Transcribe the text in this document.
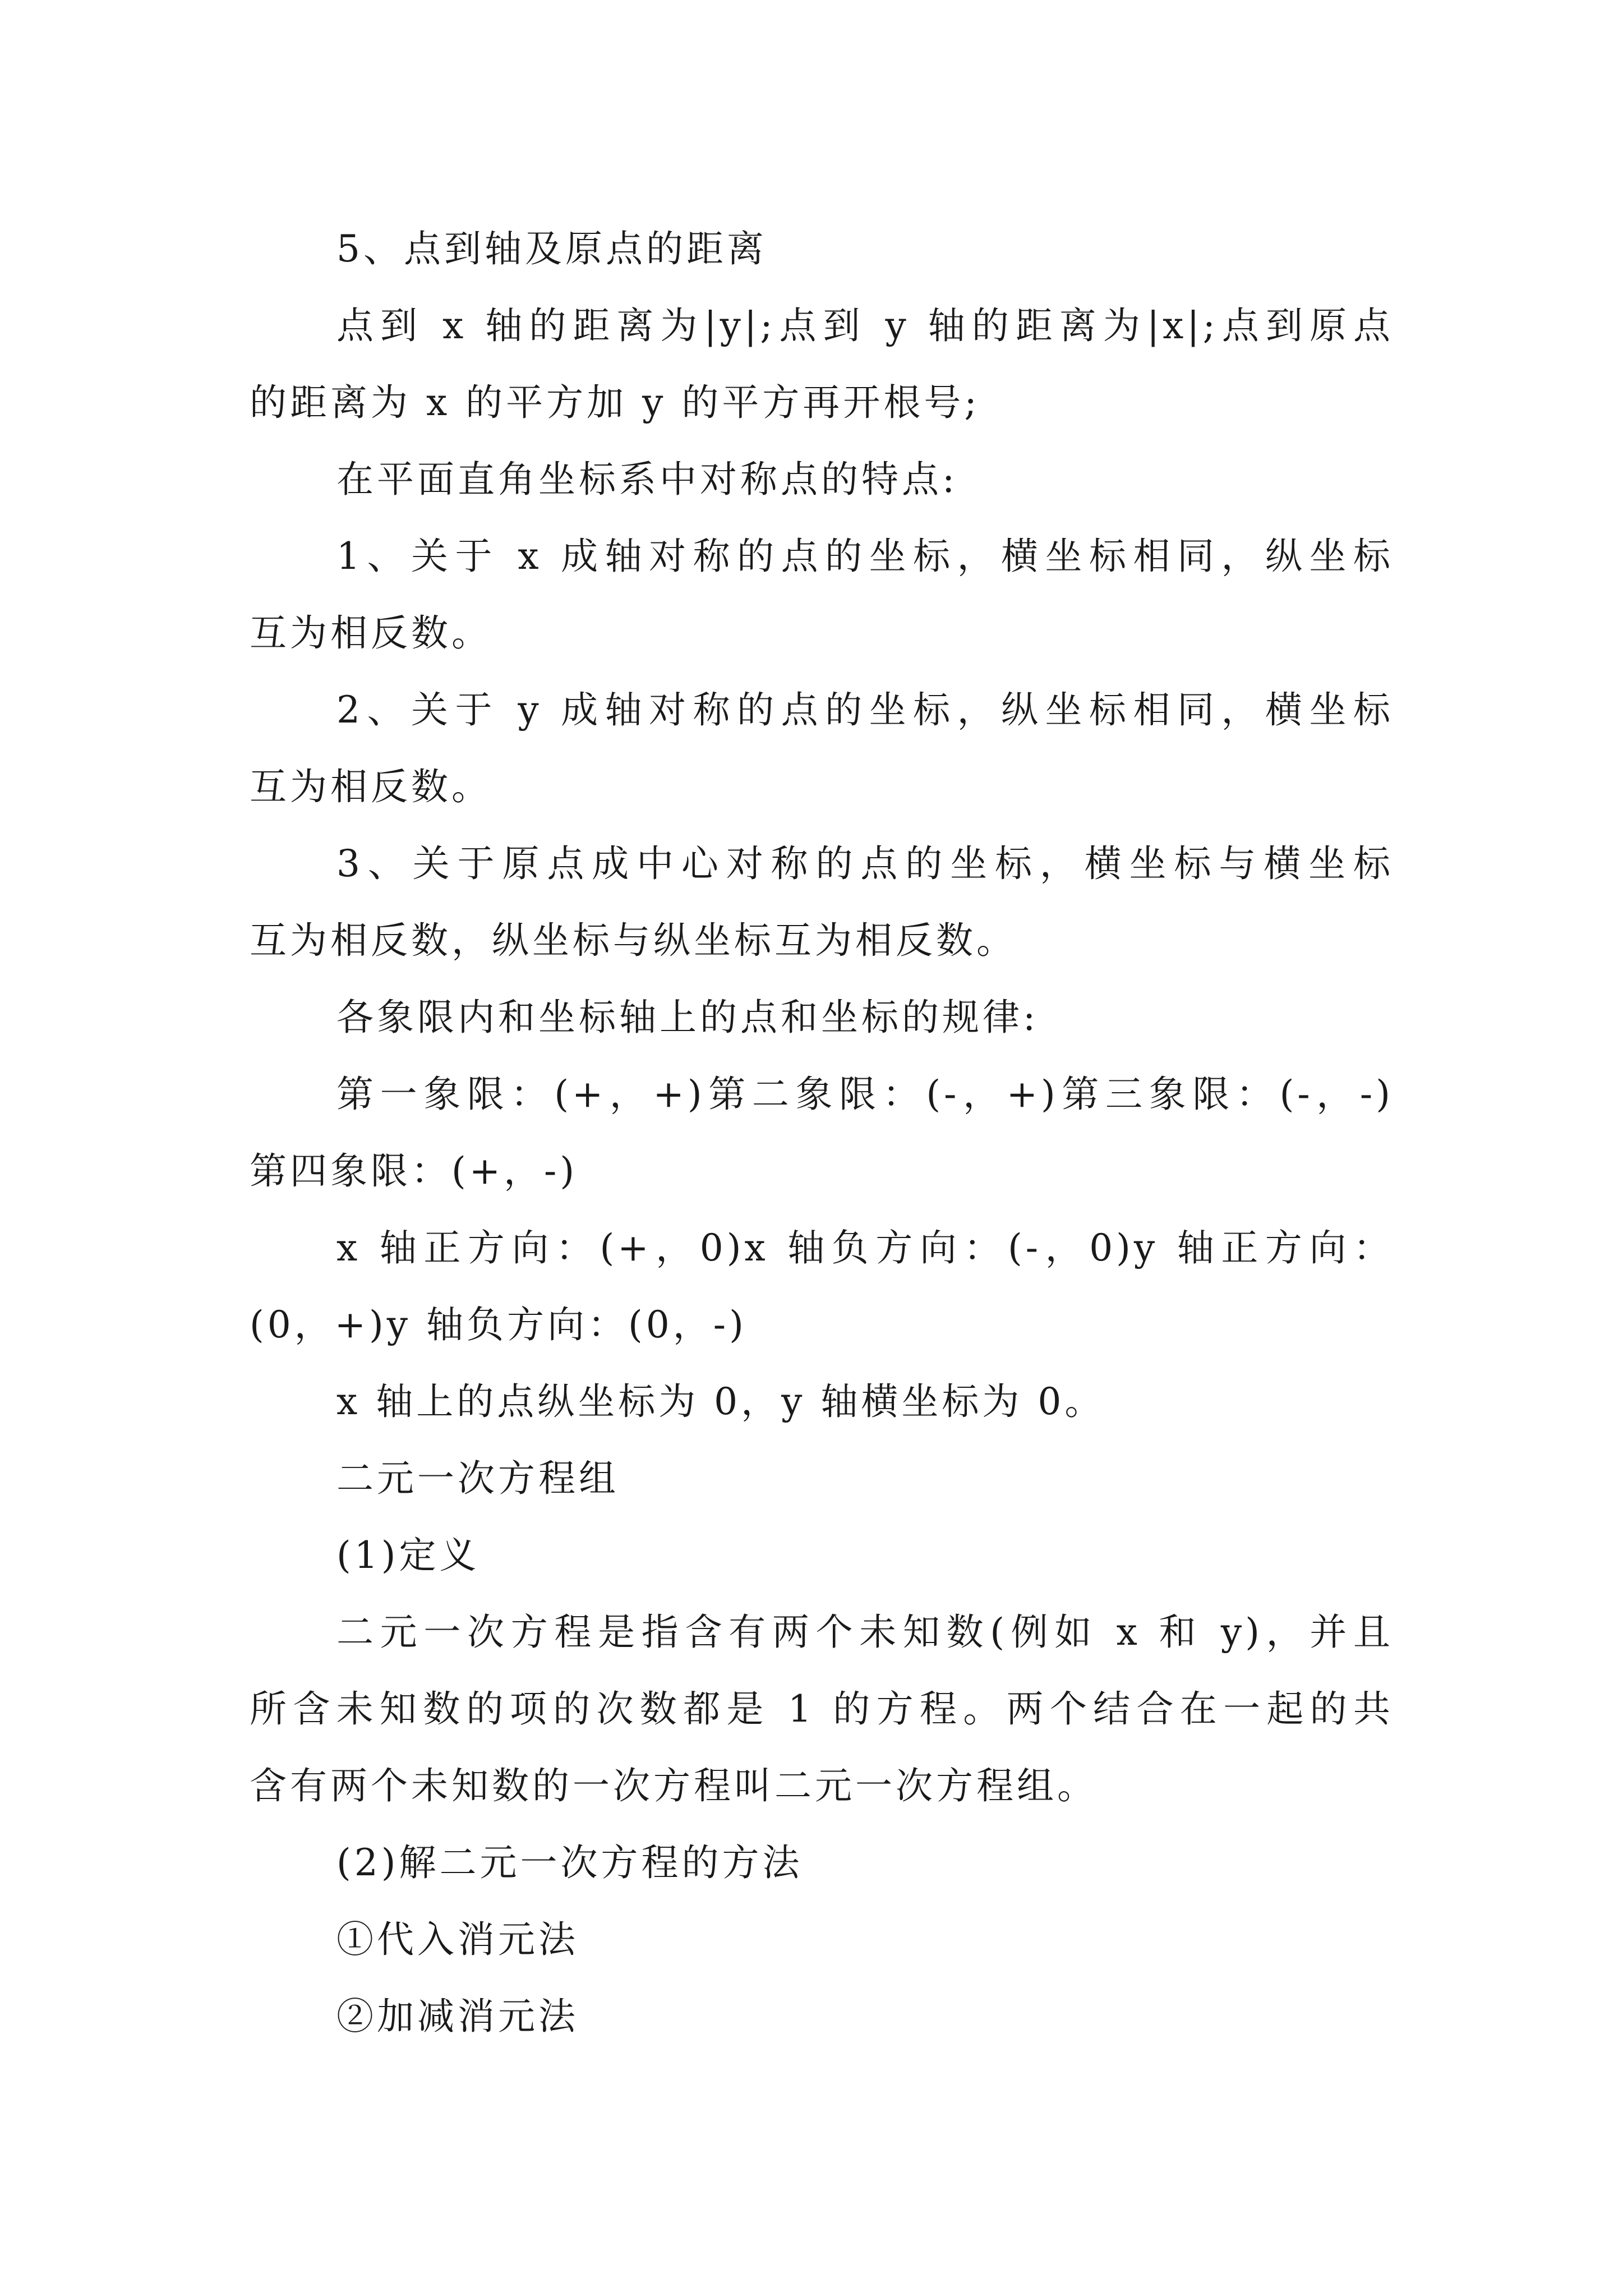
5、点到轴及原点的距离

点到 x 轴的距离为|y|;点到 y 轴的距离为|x|;点到原点

的距离为 x 的平方加 y 的平方再开根号;

在平面直角坐标系中对称点的特点:

1、关于 x 成轴对称的点的坐标，横坐标相同，纵坐标

互为相反数。

2、关于 y 成轴对称的点的坐标，纵坐标相同，横坐标

互为相反数。

3、关于原点成中心对称的点的坐标，横坐标与横坐标

互为相反数，纵坐标与纵坐标互为相反数。

各象限内和坐标轴上的点和坐标的规律:

第一象限：(+，+)第二象限：(-，+)第三象限：(-，-)

第四象限：(+，-)

x 轴正方向：(+，0)x 轴负方向：(-，0)y 轴正方向：

(0，+)y 轴负方向：(0，-)

x 轴上的点纵坐标为 0，y 轴横坐标为 0。

二元一次方程组

(1)定义

二元一次方程是指含有两个未知数(例如 x 和 y)，并且

所含未知数的项的次数都是 1 的方程。两个结合在一起的共

含有两个未知数的一次方程叫二元一次方程组。

(2)解二元一次方程的方法

①代入消元法

②加减消元法
